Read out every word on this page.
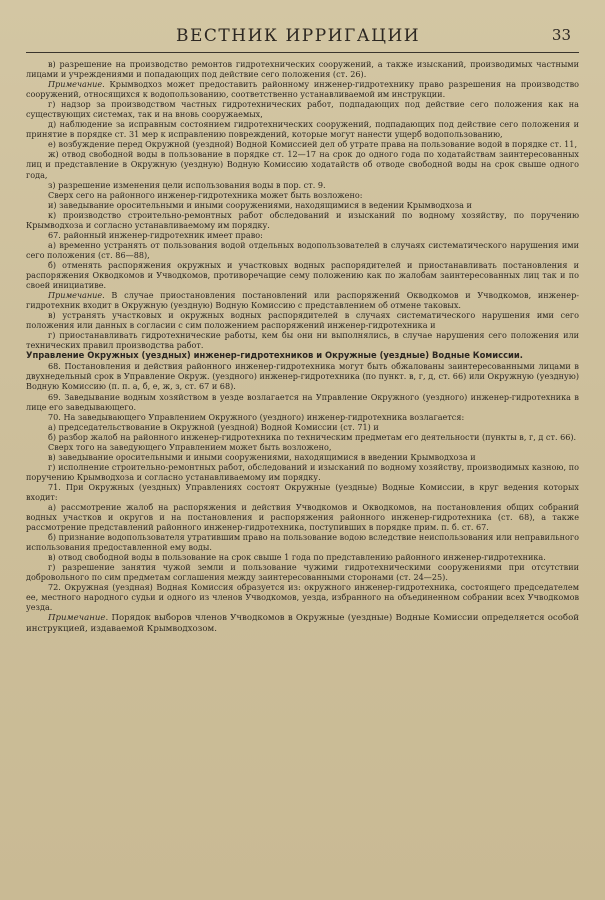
ВЕСТНИК ИРРИГАЦИИ	33

в) разрешение на производство ремонтов гидротехнических сооружений, а также изысканий, производимых частными лицами и учреждениями и попадающих под действие сего положения (ст. 26).

Примечание. Крымводхоз может предоставить районному инженер-гидротехнику право разрешения на производство сооружений, относящихся к водопользованию, соответственно устанавливаемой им инструкции.

г) надзор за производством частных гидротехнических работ, подпадающих под действие сего положения как на существующих системах, так и на вновь сооружаемых,

д) наблюдение за исправным состоянием гидротехнических сооружений, подпадающих под действие сего положения и принятие в порядке ст. 31 мер к исправлению повреждений, которые могут нанести ущерб водопользованию,

е) возбуждение перед Окружной (уездной) Водной Комиссией дел об утрате права на пользование водой в порядке ст. 11,

ж) отвод свободной воды в пользование в порядке ст. 12—17 на срок до одного года по ходатайствам заинтересованных лиц и представление в Окружную (уездную) Водную Комиссию ходатайств об отводе свободной воды на срок свыше одного года,

з) разрешение изменения цели использования воды в пор. ст. 9.

Сверх сего на районного инженер-гидротехника может быть возложено:

и) заведывание оросительными и иными сооружениями, находящимися в ведении Крымводхоза и

к) производство строительно-ремонтных работ обследований и изысканий по водному хозяйству, по поручению Крымводхоза и согласно устанавливаемому им порядку.

67. районный инженер-гидротехник имеет право:

а) временно устранять от пользования водой отдельных водопользователей в случаях систематического нарушения ими сего положения (ст. 86—88),

б) отменять распоряжения окружных и участковых водных распорядителей и приостанавливать постановления и распоряжения Окводкомов и Учводкомов, противоречащие сему положению как по жалобам заинтересованных лиц так и по своей инициативе.

Примечание. В случае приостановления постановлений или распоряжений Окводкомов и Учводкомов, инженер-гидротехник входит в Окружную (уездную) Водную Комиссию с представлением об отмене таковых.

в) устранять участковых и окружных водных распорядителей в случаях систематического нарушения ими сего положения или данных в согласии с сим положением распоряжений инженер-гидротехника и

г) приостанавливать гидротехнические работы, кем бы они ни выполнялись, в случае нарушения сего положения или технических правил производства работ.

Управление Окружных (уездных) инженер-гидротехников и Окружные (уездные) Водные Комиссии.

68. Постановления и действия районного инженер-гидротехника могут быть обжалованы заинтересованными лицами в двухнедельный срок в Управление Окруж. (уездного) инженер-гидротехника (по пункт. в, г, д, ст. 66) или Окружную (уездную) Водную Комиссию (п. п. а, б, е, ж, з, ст. 67 и 68).

69. Заведывание водным хозяйством в уезде возлагается на Управление Окружного (уездного) инженер-гидротехника в лице его заведывающего.

70. На заведывающего Управлением Окружного (уездного) инженер-гидротехника возлагается:

а) председательствование в Окружной (уездной) Водной Комиссии (ст. 71) и

б) разбор жалоб на районного инженер-гидротехника по техническим предметам его деятельности (пункты в, г, д ст. 66).

Сверх того на заведующего Управлением может быть возложено,

в) заведывание оросительными и иными сооружениями, находящимися в введении Крымводхоза и

г) исполнение строительно-ремонтных работ, обследований и изысканий по водному хозяйству, производимых казною, по поручению Крымводхоза и согласно устанавливаемому им порядку.

71. При Окружных (уездных) Управлениях состоят Окружные (уездные) Водные Комиссии, в круг ведения которых входит:

а) рассмотрение жалоб на распоряжения и действия Учводкомов и Окводкомов, на постановления общих собраний водных участков и округов и на постановления и распоряжения районного инженер-гидротехника (ст. 68), а также рассмотрение представлений районного инженер-гидротехника, поступивших в порядке прим. п. б. ст. 67.

б) признание водопользователя утратившим право на пользование водою вследствие неиспользования или неправильного использования предоставленной ему воды.

в) отвод свободной воды в пользование на срок свыше 1 года по представлению районного инженер-гидротехника.

г) разрешение занятия чужой земли и пользование чужими гидротехническими сооружениями при отсутствии добровольного по сим предметам соглашения между заинтересованными сторонами (ст. 24—25).

72. Окружная (уездная) Водная Комиссия образуется из: окружного инженер-гидротехника, состоящего председателем ее, местного народного судьи и одного из членов Учводкомов, уезда, избранного на объединенном собрании всех Учводкомов уезда.

Примечание. Порядок выборов членов Учводкомов в Окружные (уездные) Водные Комиссии определяется особой инструкцией, издаваемой Крымводхозом.
